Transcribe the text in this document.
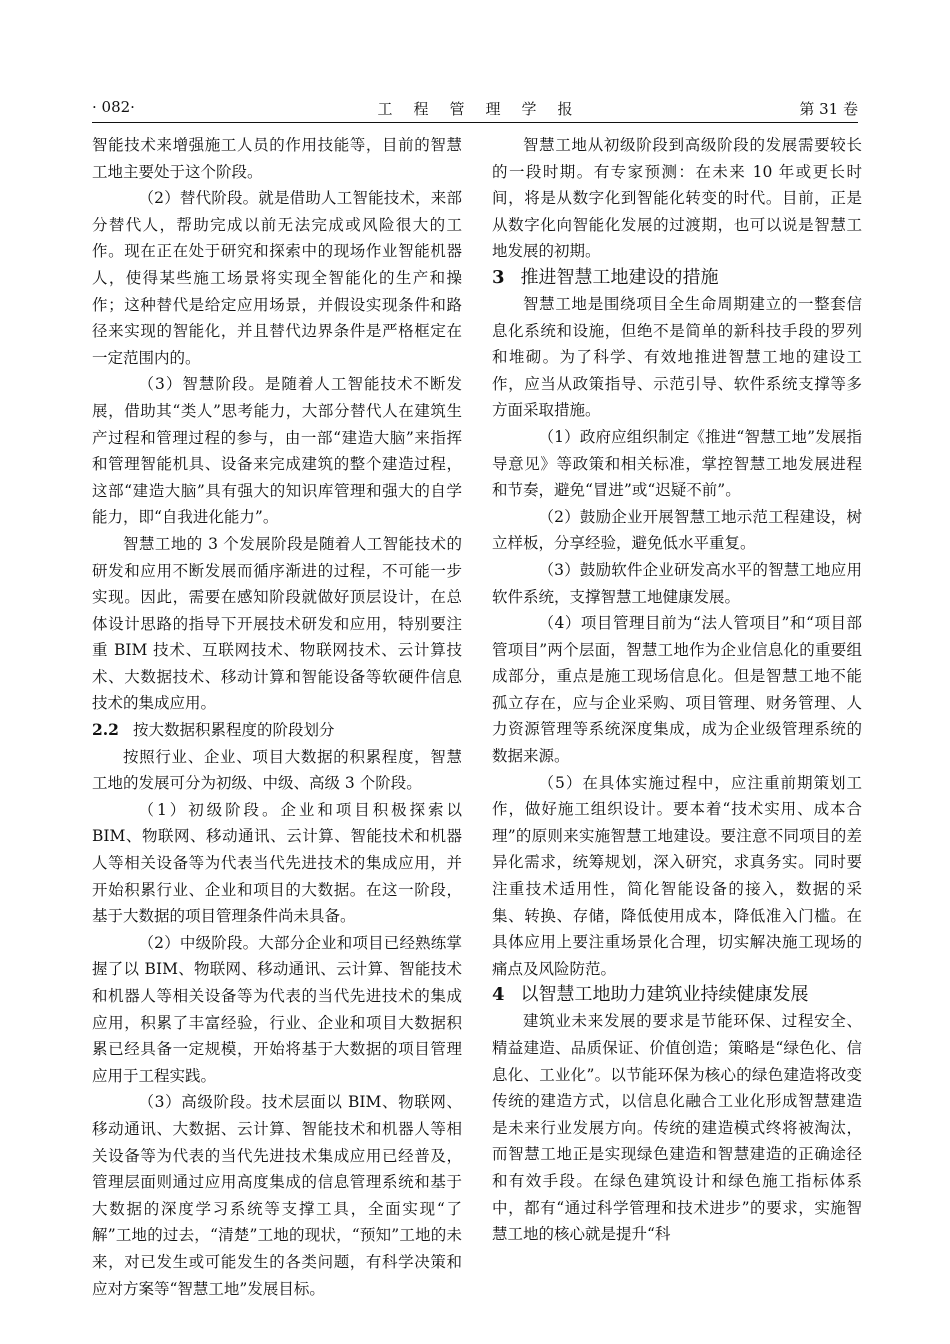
· 082·	工程管理学报	第 31 卷

智能技术来增强施工人员的作用技能等，目前的智慧工地主要处于这个阶段。

（2）替代阶段。就是借助人工智能技术，来部分替代人，帮助完成以前无法完成或风险很大的工作。现在正在处于研究和探索中的现场作业智能机器人，使得某些施工场景将实现全智能化的生产和操作；这种替代是给定应用场景，并假设实现条件和路径来实现的智能化，并且替代边界条件是严格框定在一定范围内的。

（3）智慧阶段。是随着人工智能技术不断发展，借助其“类人”思考能力，大部分替代人在建筑生产过程和管理过程的参与，由一部“建造大脑”来指挥和管理智能机具、设备来完成建筑的整个建造过程，这部“建造大脑”具有强大的知识库管理和强大的自学能力，即“自我进化能力”。

智慧工地的 3 个发展阶段是随着人工智能技术的研发和应用不断发展而循序渐进的过程，不可能一步实现。因此，需要在感知阶段就做好顶层设计，在总体设计思路的指导下开展技术研发和应用，特别要注重 BIM 技术、互联网技术、物联网技术、云计算技术、大数据技术、移动计算和智能设备等软硬件信息技术的集成应用。

2.2 按大数据积累程度的阶段划分

按照行业、企业、项目大数据的积累程度，智慧工地的发展可分为初级、中级、高级 3 个阶段。

（1）初级阶段。企业和项目积极探索以 BIM、物联网、移动通讯、云计算、智能技术和机器人等相关设备等为代表当代先进技术的集成应用，并开始积累行业、企业和项目的大数据。在这一阶段，基于大数据的项目管理条件尚未具备。

（2）中级阶段。大部分企业和项目已经熟练掌握了以 BIM、物联网、移动通讯、云计算、智能技术和机器人等相关设备等为代表的当代先进技术的集成应用，积累了丰富经验，行业、企业和项目大数据积累已经具备一定规模，开始将基于大数据的项目管理应用于工程实践。

（3）高级阶段。技术层面以 BIM、物联网、移动通讯、大数据、云计算、智能技术和机器人等相关设备等为代表的当代先进技术集成应用已经普及，管理层面则通过应用高度集成的信息管理系统和基于大数据的深度学习系统等支撑工具，全面实现“了解”工地的过去，“清楚”工地的现状，“预知”工地的未来，对已发生或可能发生的各类问题，有科学决策和应对方案等“智慧工地”发展目标。

智慧工地从初级阶段到高级阶段的发展需要较长的一段时期。有专家预测：在未来 10 年或更长时间，将是从数字化到智能化转变的时代。目前，正是从数字化向智能化发展的过渡期，也可以说是智慧工地发展的初期。

3 推进智慧工地建设的措施

智慧工地是围绕项目全生命周期建立的一整套信息化系统和设施，但绝不是简单的新科技手段的罗列和堆砌。为了科学、有效地推进智慧工地的建设工作，应当从政策指导、示范引导、软件系统支撑等多方面采取措施。

（1）政府应组织制定《推进“智慧工地”发展指导意见》等政策和相关标准，掌控智慧工地发展进程和节奏，避免“冒进”或“迟疑不前”。

（2）鼓励企业开展智慧工地示范工程建设，树立样板，分享经验，避免低水平重复。

（3）鼓励软件企业研发高水平的智慧工地应用软件系统，支撑智慧工地健康发展。

（4）项目管理目前为“法人管项目”和“项目部管项目”两个层面，智慧工地作为企业信息化的重要组成部分，重点是施工现场信息化。但是智慧工地不能孤立存在，应与企业采购、项目管理、财务管理、人力资源管理等系统深度集成，成为企业级管理系统的数据来源。

（5）在具体实施过程中，应注重前期策划工作，做好施工组织设计。要本着“技术实用、成本合理”的原则来实施智慧工地建设。要注意不同项目的差异化需求，统筹规划，深入研究，求真务实。同时要注重技术适用性，简化智能设备的接入，数据的采集、转换、存储，降低使用成本，降低准入门槛。在具体应用上要注重场景化合理，切实解决施工现场的痛点及风险防范。

4 以智慧工地助力建筑业持续健康发展

建筑业未来发展的要求是节能环保、过程安全、精益建造、品质保证、价值创造；策略是“绿色化、信息化、工业化”。以节能环保为核心的绿色建造将改变传统的建造方式，以信息化融合工业化形成智慧建造是未来行业发展方向。传统的建造模式终将被淘汰，而智慧工地正是实现绿色建造和智慧建造的正确途径和有效手段。在绿色建筑设计和绿色施工指标体系中，都有“通过科学管理和技术进步”的要求，实施智慧工地的核心就是提升“科
